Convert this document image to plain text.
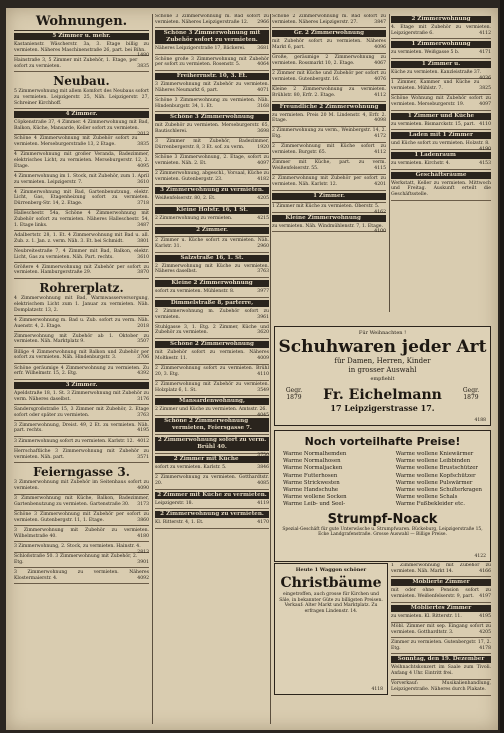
Wohnungen.
5 Zimmer u. mehr.
Kastanienstr. Wäscherstr. 3a, 3. Etage billig zu vermieten. Näheres Maschinenstraße 26, part. bei Bihn.
1480
Hainstraße 3, 5 Zimmer mit Zubehör, 1. Etage, per sofort zu vermieten.	3835
Neubau.
5 Zimmerwohnung mit allem Komfort des Neubaus sofort zu vermieten. Leipzigerstr. 25, Näh. Leipzigerstr. 27, Schreiner Kirchhoff.
4 Zimmer.
Cöpkenstraße 37, 4 Zimmer. 4 Zimmerwohnung mit Bad, Balkon, Küche, Mansarde, Keller sofort zu vermieten.
2013
Schöne 4 Zimmerwohnung mit Zubehör sofort zu vermieten. Merseburgerstraße 13, 2 Etage.	3835
4 Zimmerwohnung mit großer Veranda, Badezimmer, elektrisches Licht, zu vermieten. Merseburgerstr. 12, 2. Etage.	4095
4 Zimmerwohnung im 1. Stock, mit Zubehör, zum 1. April zu vermieten. Leipzigerstr. 7.	3610
4 Zimmerwohnung mit Bad, Gartenbenutzung, elektr. Licht, Gas, Etagenheizung sofort zu vermieten. Dürrenberg-Str. 14, 2. Etage.	3718
Halleschestr. 54a, Schöne 4 Zimmerwohnung mit Zubehör sofort zu vermieten. Näheres Halleschestr. 54, 1. Etage links.	3487
Adalbertstr. 28, 1. Et. 4 Zimmerwohnung mit Bad u. all. Zub. z. 1. Jan. z. verm. Näh. 3. Et. bei Schmidt.	3801
Neubreitestraße 7, 4 Zimmer mit Bad, Balkon, elektr. Licht, Gas zu vermieten. Näh. Part. rechts.	3610
Größere 4 Zimmerwohnung mit Zubehör per sofort zu vermieten. Hamburgerstraße 29.	3870
Rohrerplatz.
4 Zimmerwohnung mit Bad, Warmwasserversorgung, elektrischem Licht zum 1. Januar zu vermieten. Näh. Domplatzstr. 13, 2.
4 Zimmerwohnung m. Bad u. Zub. sofort zu verm. Näh. Auenstr. 4, 2. Etage.	2018
Zimmerwohnung mit Zubehör ab 1. Oktober zu vermieten. Näh. Marktplatz 9.	3507
Billige 4 Zimmerwohnung mit Balkon und Zubehör per sofort zu vermieten. Näh. Hindenburgstr. 3.	3706
Schöne geräumige 4 Zimmerwohnung zu vermieten. Zu erfr. Wilhelmstr. 15, 2. Etg.	4392
3 Zimmer.
Apeldstraße 18, 1. St. 3 Zimmerwohnung mit Zubehör zu verm. Näheres daselbst.	3176
Sandersgroßstraße 15, 3 Zimmer mit Zubehör, 2. Etage sofort oder später zu vermieten.	3763
3 Zimmerwohnung, Dreist. 49, 2 Et. zu vermieten. Näh. part. rechts.	4195
3 Zimmerwohnung sofort zu vermieten. Karlstr. 12. 4012
Herrschaftliche 3 Zimmerwohnung mit Zubehör zu vermieten. Näh. part.	3571
Feierngasse 3.
3 Zimmerwohnung mit Zubehör im Seitenhaus sofort zu vermieten.	4090
3 Zimmerwohnung mit Küche, Balkon, Badezimmer, Gartenbenutzung zu vermieten. Gartenstraße 30. 3173
Schöne 3 Zimmerwohnung mit Zubehör per sofort zu vermieten. Gutenbergstr. 11, 1. Etage.	3860
3 Zimmerwohnung mit Zubehör zu vermieten. Wilhelmstraße 40.	4180
3 Zimmerwohnung, 2. Stock, zu vermieten. Hainstr. 4.
2813
Schloßstraße 50. 3 Zimmerwohnung mit Zubehör, 2. Etg.	3901
3 Zimmerwohnung zu vermieten. Näheres Klostermaierstr. 4.	4092
Schöne 3 Zimmerwohnung m. Bad sofort zu vermieten. Näheres Leipzigerstraße 12. 2966
Schöne 3 Zimmerwohnung mit Zubehör sofort zu vermieten.
Näheres Leipzigerstraße 17, Bäckerei.	3681
Schöne große 3 Zimmerwohnung mit Zubehör per sofort zu vermieten. Rosenstr. 5.	4064
Freiherrnstr. 10, 3. Et.
3 Zimmerwohnung mit Zubehör zu vermieten. Näheres Neumarkt 6, part.	4071
Schöne 3 Zimmerwohnung zu vermieten. Näh. Hindenburgstr. 34, 1. Et.	3168
Schöne 3 Zimmerwohnung
mit Zubehör zu vermieten. Merseburgerstr. 65, Bautischlerei.	3698
3 Zimmer mit Zubehör, Badezimmer, Dürrenbergerstr. 8, 3 Et. sof. zu verm.	1920
Schöne 3 Zimmerwohnung, 2. Etage, sofort zu vermieten. Näh. 2. Et.	4097
2 Zimmerwohnung, abgeschl., Vorsaal, Küche zu vermieten. Gutenbergstr. 23.	4182
3 Zimmerwohnung zu vermieten.
Weißenfelserstr. 80, 2. Et.	4205
Kleine Hofstr. 16, 1 St.
2 Zimmerwohnung zu vermieten.	4215
2 Zimmer.
2 Zimmer u. Küche sofort zu vermieten. Näh. Karlstr. 31.	2960
Salzstraße 16, 1. St.
2 Zimmerwohnung mit Küche zu vermieten. Näheres daselbst.	3763
Kleine 2 Zimmerwohnung
sofort zu vermieten. Mühlenstr. 8.	3977
Dimmelstraße 8, parterre,
2 Zimmerwohnung m. Zubehör sofort zu vermieten.	3961
Stuhlgasse 3, 1. Etg. 2 Zimmer, Küche und Zubehör zu vermieten.	3620
Schöne 2 Zimmerwohnung
mit Zubehör sofort zu vermieten. Näheres Moltkestr. 11.	4009
2 Zimmerwohnung sofort zu vermieten. Brühl 20, 3. Etg.	4110
2 Zimmerwohnung mit Zubehör zu vermieten. Holzplatz 6, 1. St.	3549
Mansardenwohnung,
2 Zimmer und Küche zu vermieten. Amtsstr. 26.
4045
Schöne 2 Zimmerwohnung vermieten, Feiersgasse 7.
2 Zimmerwohnung sofort zu verm. Brühl 40.
3750
2 Zimmer mit Küche
sofort zu vermieten. Karlstr. 5.	3846
2 Zimmerwohnung zu vermieten. Gotthardtstr. 20.	4085
2 Zimmer mit Küche zu vermieten.
Leipzigerstr. 18.	4119
2 Zimmerwohnung zu vermieten.
Kl. Ritterstr. 4, 1. Et.	4170
Schöne 2 Zimmerwohnung m. Bad sofort zu vermieten. Näheres Leipzigerstr. 27.	3847
Gr. 2 Zimmerwohnung
mit Zubehör sofort zu vermieten. Näheres Markt 6, part.	4096
Große, geräumige 2 Zimmerwohnung zu vermieten. Rossmarkt 10, 2. Etage.	4067
2 Zimmer mit Küche und Zubehör per sofort zu vermieten. Gutenbergstr. 16.	4076
Kleine 2 Zimmerwohnung zu vermieten. Brühlstr. 80, Erfr. 2. Etage.	4112
Freundliche 2 Zimmerwohnung
zu vermieten. Preis 20 M. Lindenstr. 4, Erfr. 2. Etage.	4098
2 Zimmerwohnung zu verm., Weinbergstr. 14, 2. Etg.	4172
2 Zimmerwohnung mit Küche sofort zu vermieten. Burgstr. 65.	4112
Zimmer mit Küche, part. zu verm. Weißenfelserstr. 55.	4115
2 Zimmerwohnung mit Zubehör per sofort zu vermieten. Näh. Karlstr. 12.	4201
1 Zimmer.
1 Zimmer mit Küche zu vermieten. Oberstr. 5.
4162
Kleine Zimmerwohnung
zu vermieten. Näh. Windmühlenstr. 7, 1. Etage.
4100
2 Zimmerwohnung
4. Etage mit Zubehör zu vermieten. Leipzigerstraße 6.	4112
1 Zimmerwohnung
zu vermieten. Weißgasse 5 b.	4171
1 Zimmer u.
Küche zu vermieten. Kanzleistraße 37.
4036
1 Zimmer, Kammer und Küche zu vermieten. Mühlstr. 7.	3825
Schöne Wohnung mit Zubehör sofort zu vermieten. Merseburgerstr. 19.	4097
1 Zimmer und Küche
zu vermieten. Bismarckstr. 15, part. 4110
Laden mit 1 Zimmer
und Küche sofort zu vermieten. Holzstr. 8.
4190
1 Ladenraum
zu vermieten. Kirchstr. 4.	4153
Geschäftsräume
Werkstatt, Keller zu vermieten. Mittwoch und Freitag. Auskunft erteilt die Geschäftsstelle.
Für Weihnachten !
Schuhwaren jeder Art
für Damen, Herren, Kinder
in grosser Auswahl
empfiehlt
Fr. Eichelmann
17 Leipzigerstrasse 17.
Gegr. 1879
Gegr. 1879
4188
Noch vorteilhafte Preise!
Warme Normalhemden
Warme Normalhosen
Warme Normaljacken
Warme Futterhosen
Warme Strickwesten
Warme Handschuhe
Warme wollene Socken
Warme Leib- und Seel-
Warme wollene Kniewärmer
Warme wollene Leibbinden
Warme wollene Brustschützer
Warme wollene Kopfschützer
Warme wollene Pulswärmer
Warme wollene Schulterkragen
Warme wollene Schals
Warme Fußbekleider etc.
Strumpf-Noack
Spezial-Geschäft für gute Unterwäsche u. Strumpfwaren. Bückeburg, Leipzigerstraße 15, Ecke Landgrafenstraße. Grosse Auswahl — Billige Preise.
4122
Heute 1 Waggon schöner
Christbäume
eingetroffen, auch grosse für Kirchen und Säle, in bekannter Güte zu billigsten Preisen. Verkauf: Alter Markt und Marktplatz. Zu erfragen Lindenstr. 14.
4118
1 Zimmerwohnung mit Zubehör zu vermieten. Näh. Markt 14.	4166
Möblierte Zimmer
mit oder ohne Pension sofort zu vermieten. Weißenfelserstr. 9, part. 4197
Möbliertes Zimmer
zu vermieten. Kl. Ritterstr. 11.	4195
Möbl. Zimmer mit sep. Eingang sofort zu vermieten. Gotthardtstr. 3.	4205
Zimmer zu vermieten. Gutenbergstr. 17, 2. Etg.	4178
Sonntag, den 19. Dezember
Weihnachtskonzert im Saale zum Tivoli. Anfang 4 Uhr. Eintritt frei.
Vorverkauf: Musikalienhandlung, Leipzigerstraße. Näheres durch Plakate.
